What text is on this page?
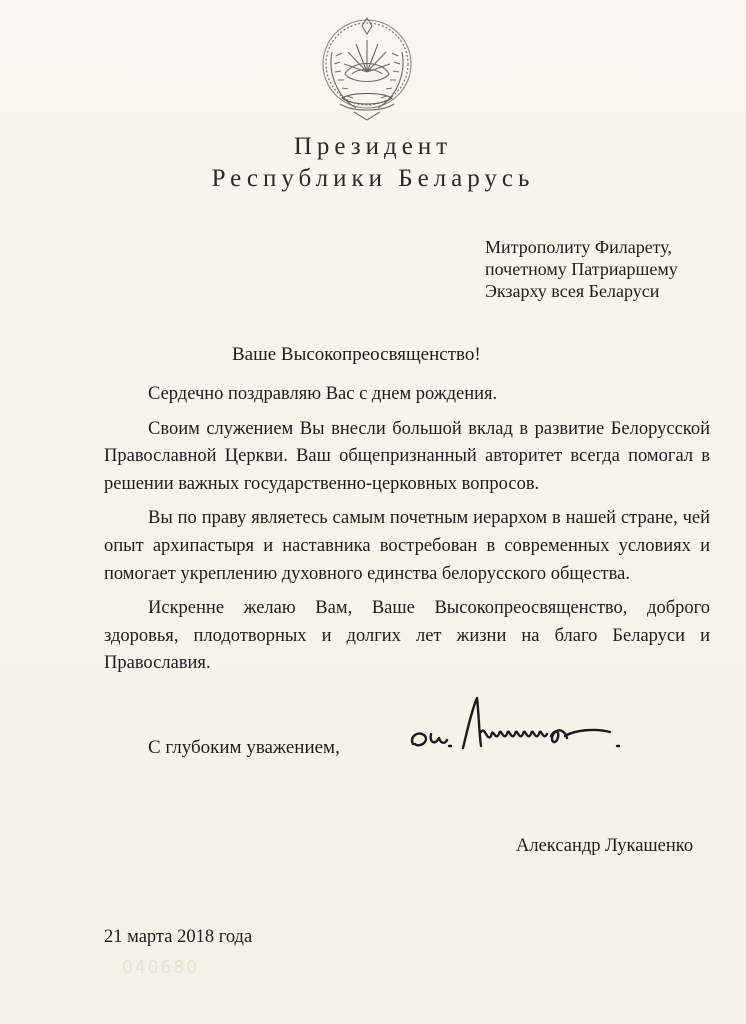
Президент
Республики Беларусь
Митрополиту Филарету,
почетному Патриаршему
Экзарху всея Беларуси
Ваше Высокопреосвященство!

Сердечно поздравляю Вас с днем рождения.

Своим служением Вы внесли большой вклад в развитие Белорусской Православной Церкви. Ваш общепризнанный авторитет всегда помогал в решении важных государственно-церковных вопросов.

Вы по праву являетесь самым почетным иерархом в нашей стране, чей опыт архипастыря и наставника востребован в современных условиях и помогает укреплению духовного единства белорусского общества.

Искренне желаю Вам, Ваше Высокопреосвященство, доброго здоровья, плодотворных и долгих лет жизни на благо Беларуси и Православия.

С глубоким уважением,
Александр Лукашенко
21 марта 2018 года
040680
